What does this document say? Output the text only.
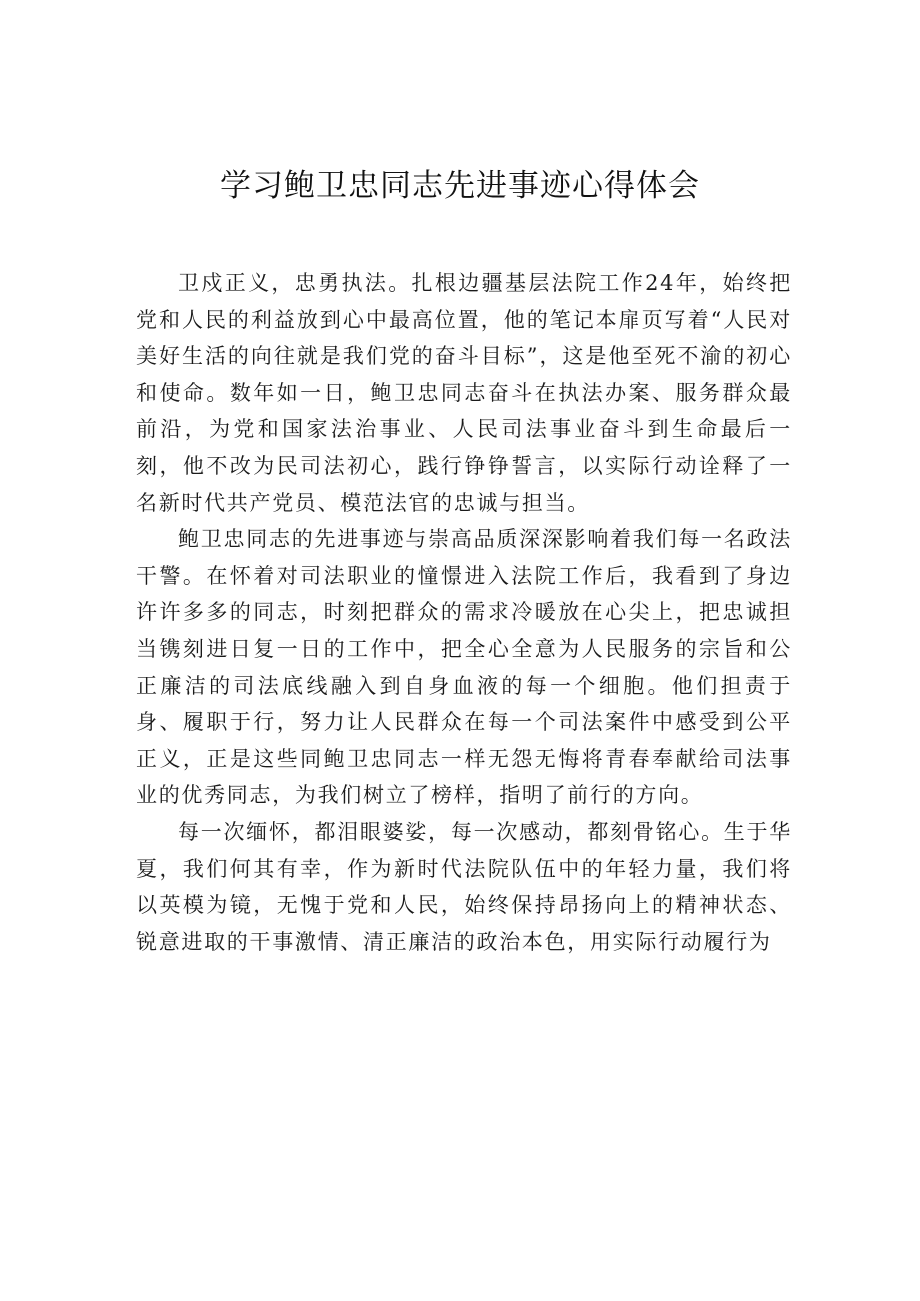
学习鲍卫忠同志先进事迹心得体会

卫戍正义，忠勇执法。扎根边疆基层法院工作24年，始终把党和人民的利益放到心中最高位置，他的笔记本扉页写着“人民对美好生活的向往就是我们党的奋斗目标”，这是他至死不渝的初心和使命。数年如一日，鲍卫忠同志奋斗在执法办案、服务群众最前沿，为党和国家法治事业、人民司法事业奋斗到生命最后一刻，他不改为民司法初心，践行铮铮誓言，以实际行动诠释了一名新时代共产党员、模范法官的忠诚与担当。

鲍卫忠同志的先进事迹与崇高品质深深影响着我们每一名政法干警。在怀着对司法职业的憧憬进入法院工作后，我看到了身边许许多多的同志，时刻把群众的需求冷暖放在心尖上，把忠诚担当镌刻进日复一日的工作中，把全心全意为人民服务的宗旨和公正廉洁的司法底线融入到自身血液的每一个细胞。他们担责于身、履职于行，努力让人民群众在每一个司法案件中感受到公平正义，正是这些同鲍卫忠同志一样无怨无悔将青春奉献给司法事业的优秀同志，为我们树立了榜样，指明了前行的方向。

每一次缅怀，都泪眼婆娑，每一次感动，都刻骨铭心。生于华夏，我们何其有幸，作为新时代法院队伍中的年轻力量，我们将以英模为镜，无愧于党和人民，始终保持昂扬向上的精神状态、锐意进取的干事激情、清正廉洁的政治本色，用实际行动履行为
